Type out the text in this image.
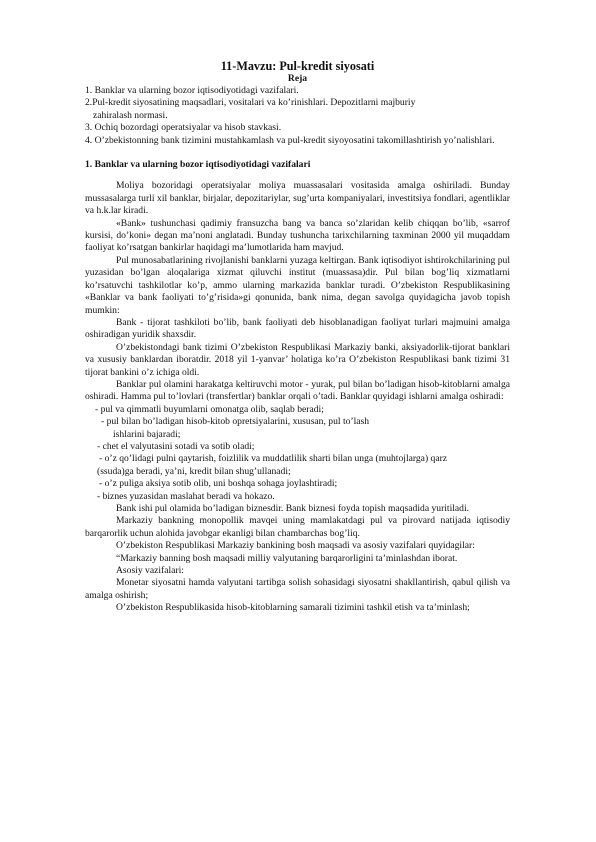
11-Mavzu: Pul-kredit siyosati
Reja

1. Banklar va ularning bozor iqtisodiyotidagi vazifalari.

2.Pul-kredit siyosatining maqsadlari, vositalari va ko’rinishlari. Depozitlarni majburiy

zahiralash normasi.

3. Ochiq bozordagi operatsiyalar va hisob stavkasi.

4. O’zbekistonning bank tizimini mustahkamlash va pul-kredit siyoyosatini takomillashtirish yo’nalishlari.

1. Banklar va ularning bozor iqtisodiyotidagi vazifalari

Moliya bozoridagi operatsiyalar moliya muassasalari vositasida amalga oshiriladi. Bunday mussasalarga turli xil banklar, birjalar, depozitariylar, sug’urta kompaniyalari, investitsiya fondlari, agentliklar va h.k.lar kiradi.

«Bank» tushunchasi qadimiy fransuzcha bang va banca so’zlaridan kelib chiqqan bo’lib, «sarrof kursisi, do’koni» degan ma’noni anglatadi. Bunday tushuncha tarixchilarning taxminan 2000 yil muqaddam faoliyat ko’rsatgan bankirlar haqidagi ma’lumotlarida ham mavjud.

Pul munosabatlarining rivojlanishi banklarni yuzaga keltirgan. Bank iqtisodiyot ishtirokchilarining pul yuzasidan bo’lgan aloqalariga xizmat qiluvchi institut (muassasa)dir. Pul bilan bog’liq xizmatlarni ko’rsatuvchi tashkilotlar ko’p, ammo ularning markazida banklar turadi. O’zbekiston Respublikasining «Banklar va bank faoliyati to’g’risida»gi qonunida, bank nima, degan savolga quyidagicha javob topish mumkin:

Bank - tijorat tashkiloti bo’lib, bank faoliyati deb hisoblanadigan faoliyat turlari majmuini amalga oshiradigan yuridik shaxsdir.

O’zbekistondagi bank tizimi O’zbekiston Respublikasi Markaziy banki, aksiyadorlik-tijorat banklari va xususiy banklardan iboratdir. 2018 yil 1-yanvar’ holatiga ko’ra O’zbekiston Respublikasi bank tizimi 31 tijorat bankini o’z ichiga oldi.

Banklar pul olamini harakatga keltiruvchi motor - yurak, pul bilan bo’ladigan hisob-kitoblarni amalga oshiradi. Hamma pul to’lovlari (transfertlar) banklar orqali o’tadi. Banklar quyidagi ishlarni amalga oshiradi:

- pul va qimmatli buyumlarni omonatga olib, saqlab beradi;

- pul bilan bo’ladigan hisob-kitob opretsiyalarini, xususan, pul to’lash

ishlarini bajaradi;

- chet el valyutasini sotadi va sotib oladi;

- o’z qo’lidagi pulni qaytarish, foizlilik va muddatlilik sharti bilan unga (muhtojlarga) qarz

(ssuda)ga beradi, ya’ni, kredit bilan shug’ullanadi;

- o’z puliga aksiya sotib olib, uni boshqa sohaga joylashtiradi;

- biznes yuzasidan maslahat beradi va hokazo.

Bank ishi pul olamida bo’ladigan biznesdir. Bank biznesi foyda topish maqsadida yuritiladi.

Markaziy bankning monopollik mavqei uning mamlakatdagi pul va pirovard natijada iqtisodiy barqarorlik uchun alohida javobgar ekanligi bilan chambarchas bog’liq.

O’zbekiston Respublikasi Markaziy bankining bosh maqsadi va asosiy vazifalari quyidagilar:

“Markaziy banning bosh maqsadi milliy valyutaning barqarorligini ta’minlashdan iborat.

Asosiy vazifalari:

Monetar siyosatni hamda valyutani tartibga solish sohasidagi siyosatni shakllantirish, qabul qilish va amalga oshirish;

O’zbekiston Respublikasida hisob-kitoblarning samarali tizimini tashkil etish va ta’minlash;
